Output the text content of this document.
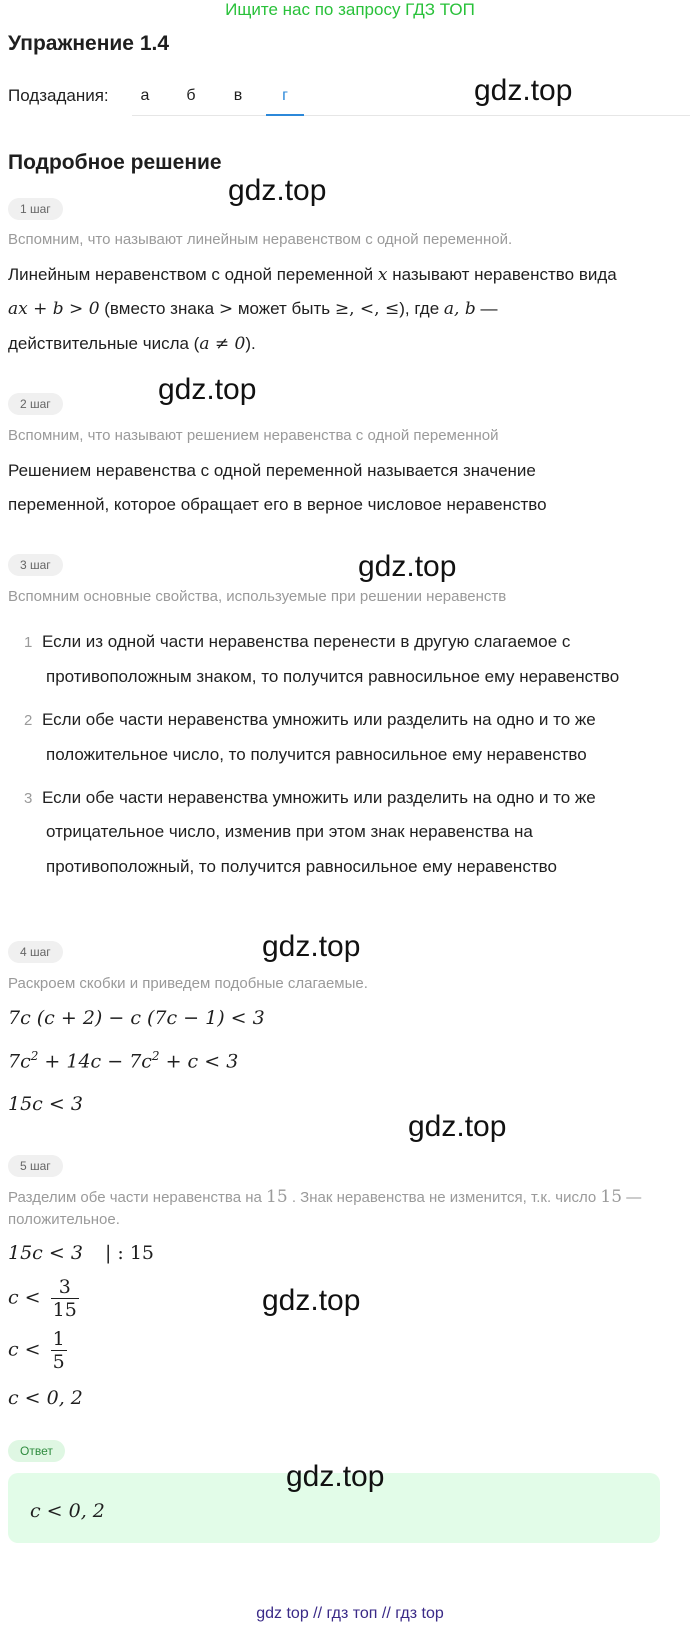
Ищите нас по запросу ГДЗ ТОП
Упражнение 1.4
Подзадания:	а	б	в	г	gdz.top
gdz.top
gdz.top
gdz.top
gdz.top
gdz.top
gdz.top
gdz.top
Подробное решение
1 шаг
Вспомним, что называют линейным неравенством с одной переменной.
Линейным неравенством с одной переменной x называют неравенство вида
ax + b > 0 (вместо знака > может быть ≥, <, ≤), где a, b —
действительные числа (a ≠ 0).
2 шаг
Вспомним, что называют решением неравенства с одной переменной
Решением неравенства с одной переменной называется значение
переменной, которое обращает его в верное числовое неравенство
3 шаг
Вспомним основные свойства, используемые при решении неравенств
1 Если из одной части неравенства перенести в другую слагаемое с
противоположным знаком, то получится равносильное ему неравенство
2 Если обе части неравенства умножить или разделить на одно и то же
положительное число, то получится равносильное ему неравенство
3 Если обе части неравенства умножить или разделить на одно и то же
отрицательное число, изменив при этом знак неравенства на
противоположный, то получится равносильное ему неравенство
4 шаг
Раскроем скобки и приведем подобные слагаемые.
7c (c + 2) − c (7c − 1) < 3
$7c^2 + 14c - 7c^2 + c < 3$
15c < 3
5 шаг
Разделим обе части неравенства на 15 . Знак неравенства не изменится, т.к. число 15 —
положительное.
15c < 3 | : 15
$c < \frac{3}{15}$
$c < \frac{1}{5}$
c < 0, 2
Ответ
c < 0, 2
gdz top // гдз топ // гдз top
